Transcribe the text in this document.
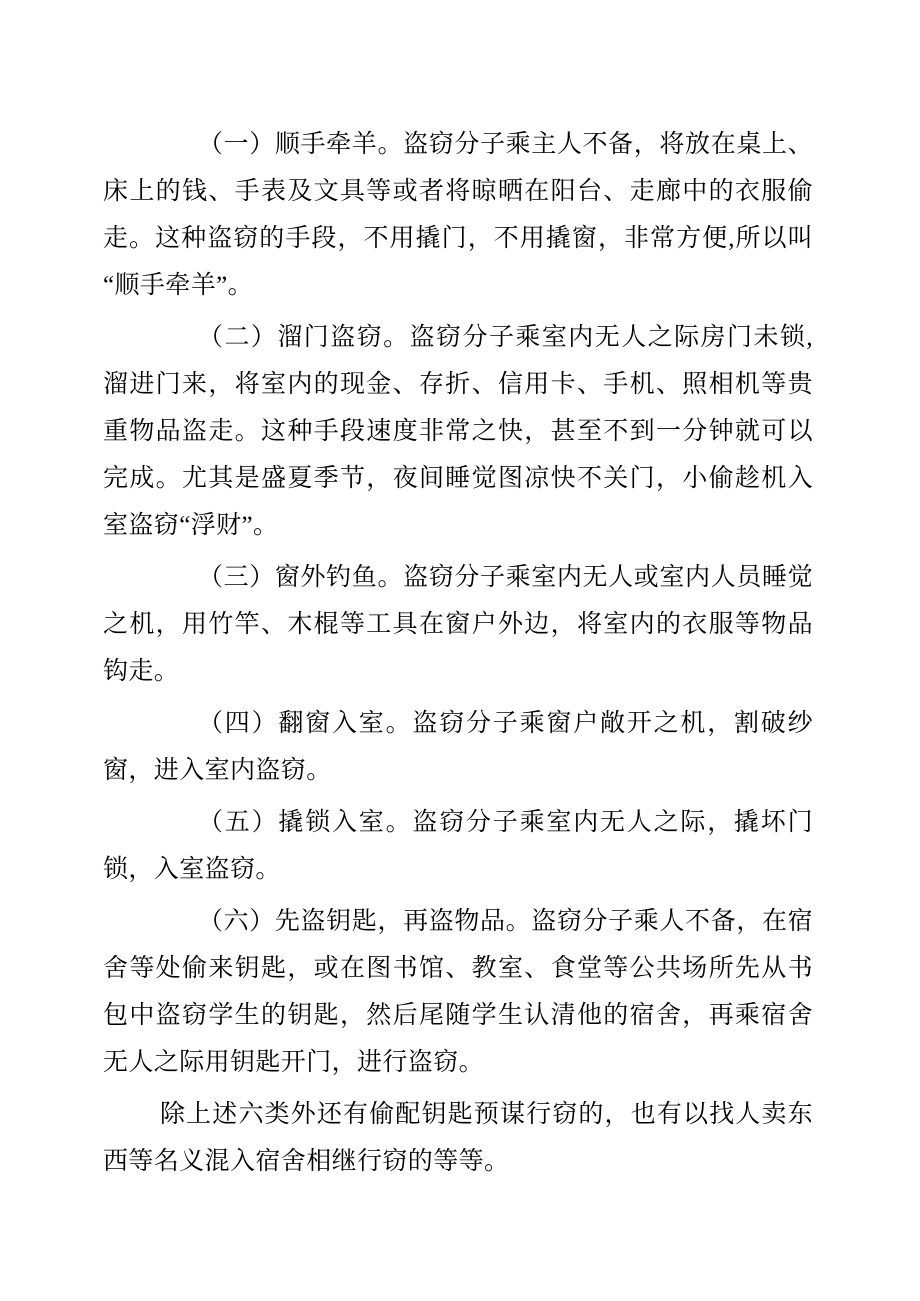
（一）顺手牵羊。盗窃分子乘主人不备，将放在桌上、床上的钱、手表及文具等或者将晾晒在阳台、走廊中的衣服偷走。这种盗窃的手段，不用撬门，不用撬窗，非常方便,所以叫“顺手牵羊”。

（二）溜门盗窃。盗窃分子乘室内无人之际房门未锁,溜进门来，将室内的现金、存折、信用卡、手机、照相机等贵重物品盗走。这种手段速度非常之快，甚至不到一分钟就可以完成。尤其是盛夏季节，夜间睡觉图凉快不关门，小偷趁机入室盗窃“浮财”。

（三）窗外钓鱼。盗窃分子乘室内无人或室内人员睡觉之机，用竹竿、木棍等工具在窗户外边，将室内的衣服等物品钩走。

（四）翻窗入室。盗窃分子乘窗户敞开之机，割破纱窗，进入室内盗窃。

（五）撬锁入室。盗窃分子乘室内无人之际，撬坏门锁，入室盗窃。

（六）先盗钥匙，再盗物品。盗窃分子乘人不备，在宿舍等处偷来钥匙，或在图书馆、教室、食堂等公共场所先从书包中盗窃学生的钥匙，然后尾随学生认清他的宿舍，再乘宿舍无人之际用钥匙开门，进行盗窃。

除上述六类外还有偷配钥匙预谋行窃的，也有以找人卖东西等名义混入宿舍相继行窃的等等。
